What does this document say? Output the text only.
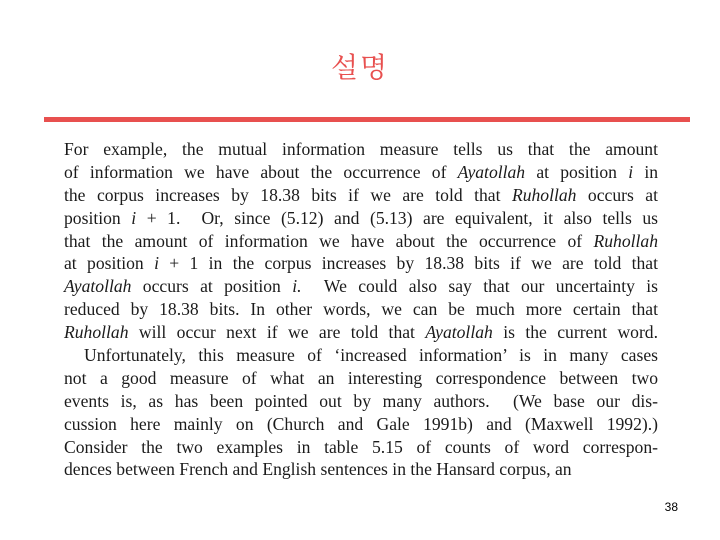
설명
For example, the mutual information measure tells us that the amount
of information we have about the occurrence of Ayatollah at position i in
the corpus increases by 18.38 bits if we are told that Ruhollah occurs at
position i + 1.  Or, since (5.12) and (5.13) are equivalent, it also tells us
that the amount of information we have about the occurrence of Ruhollah
at position i + 1 in the corpus increases by 18.38 bits if we are told that
Ayatollah occurs at position i.  We could also say that our uncertainty is
reduced by 18.38 bits. In other words, we can be much more certain that
Ruhollah will occur next if we are told that Ayatollah is the current word.
Unfortunately, this measure of ‘increased information’ is in many cases
not a good measure of what an interesting correspondence between two
events is, as has been pointed out by many authors.  (We base our dis-
cussion here mainly on (Church and Gale 1991b) and (Maxwell 1992).)
Consider the two examples in table 5.15 of counts of word correspon-
dences between French and English sentences in the Hansard corpus, an
38
